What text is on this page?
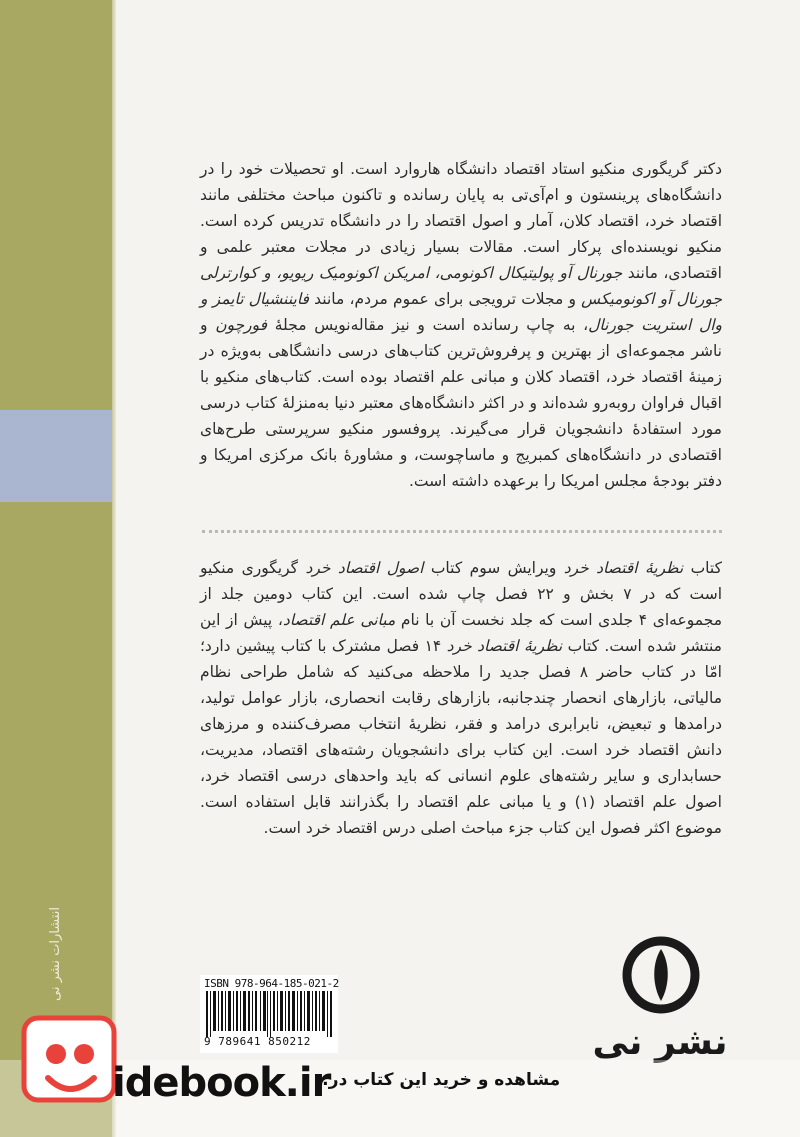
انتشارات نشر نی

دکتر گریگوری منکیو استاد اقتصاد دانشگاه هاروارد است. او تحصیلات خود را در دانشگاه‌های پرینستون و ام‌آی‌تی به پایان رسانده و تاکنون مباحث مختلفی مانند اقتصاد خرد، اقتصاد کلان، آمار و اصول اقتصاد را در دانشگاه تدریس کرده است. منکیو نویسنده‌ای پرکار است. مقالات بسیار زیادی در مجلات معتبر علمی و اقتصادی، مانند جورنال آو پولیتیکال اکونومی، امریکن اکونومیک ریویو، و کوارترلی جورنال آو اکونومیکس و مجلات ترویجی برای عموم مردم، مانند فایننشیال تایمز و وال استریت جورنال، به چاپ رسانده است و نیز مقاله‌نویس مجلهٔ فورچون و ناشر مجموعه‌ای از بهترین و پرفروش‌ترین کتاب‌های درسی دانشگاهی به‌ویژه در زمینهٔ اقتصاد خرد، اقتصاد کلان و مبانی علم اقتصاد بوده است. کتاب‌های منکیو با اقبال فراوان روبه‌رو شده‌اند و در اکثر دانشگاه‌های معتبر دنیا به‌منزلهٔ کتاب درسی مورد استفادهٔ دانشجویان قرار می‌گیرند. پروفسور منکیو سرپرستی طرح‌های اقتصادی در دانشگاه‌های کمبریج و ماساچوست، و مشاورهٔ بانک مرکزی امریکا و دفتر بودجهٔ مجلس امریکا را برعهده داشته است.

کتاب نظریهٔ اقتصاد خرد ویرایش سوم کتاب اصول اقتصاد خرد گریگوری منکیو است که در ۷ بخش و ۲۲ فصل چاپ شده است. این کتاب دومین جلد از مجموعه‌ای ۴ جلدی است که جلد نخست آن با نام مبانی علم اقتصاد، پیش از این منتشر شده است. کتاب نظریهٔ اقتصاد خرد ۱۴ فصل مشترک با کتاب پیشین دارد؛ امّا در کتاب حاضر ۸ فصل جدید را ملاحظه می‌کنید که شامل طراحی نظام مالیاتی، بازارهای انحصار چندجانبه، بازارهای رقابت انحصاری، بازار عوامل تولید، درامدها و تبعیض، نابرابری درامد و فقر، نظریهٔ انتخاب مصرف‌کننده و مرزهای دانش اقتصاد خرد است. این کتاب برای دانشجویان رشته‌های اقتصاد، مدیریت، حسابداری و سایر رشته‌های علوم انسانی که باید واحدهای درسی اقتصاد خرد، اصول علم اقتصاد (۱) و یا مبانی علم اقتصاد را بگذرانند قابل استفاده است. موضوع اکثر فصول این کتاب جزء مباحث اصلی درس اقتصاد خرد است.

ISBN 978-964-185-021-2
9 789641 850212	نشر نی
idebook.ir
مشاهده و خرید این کتاب در:
